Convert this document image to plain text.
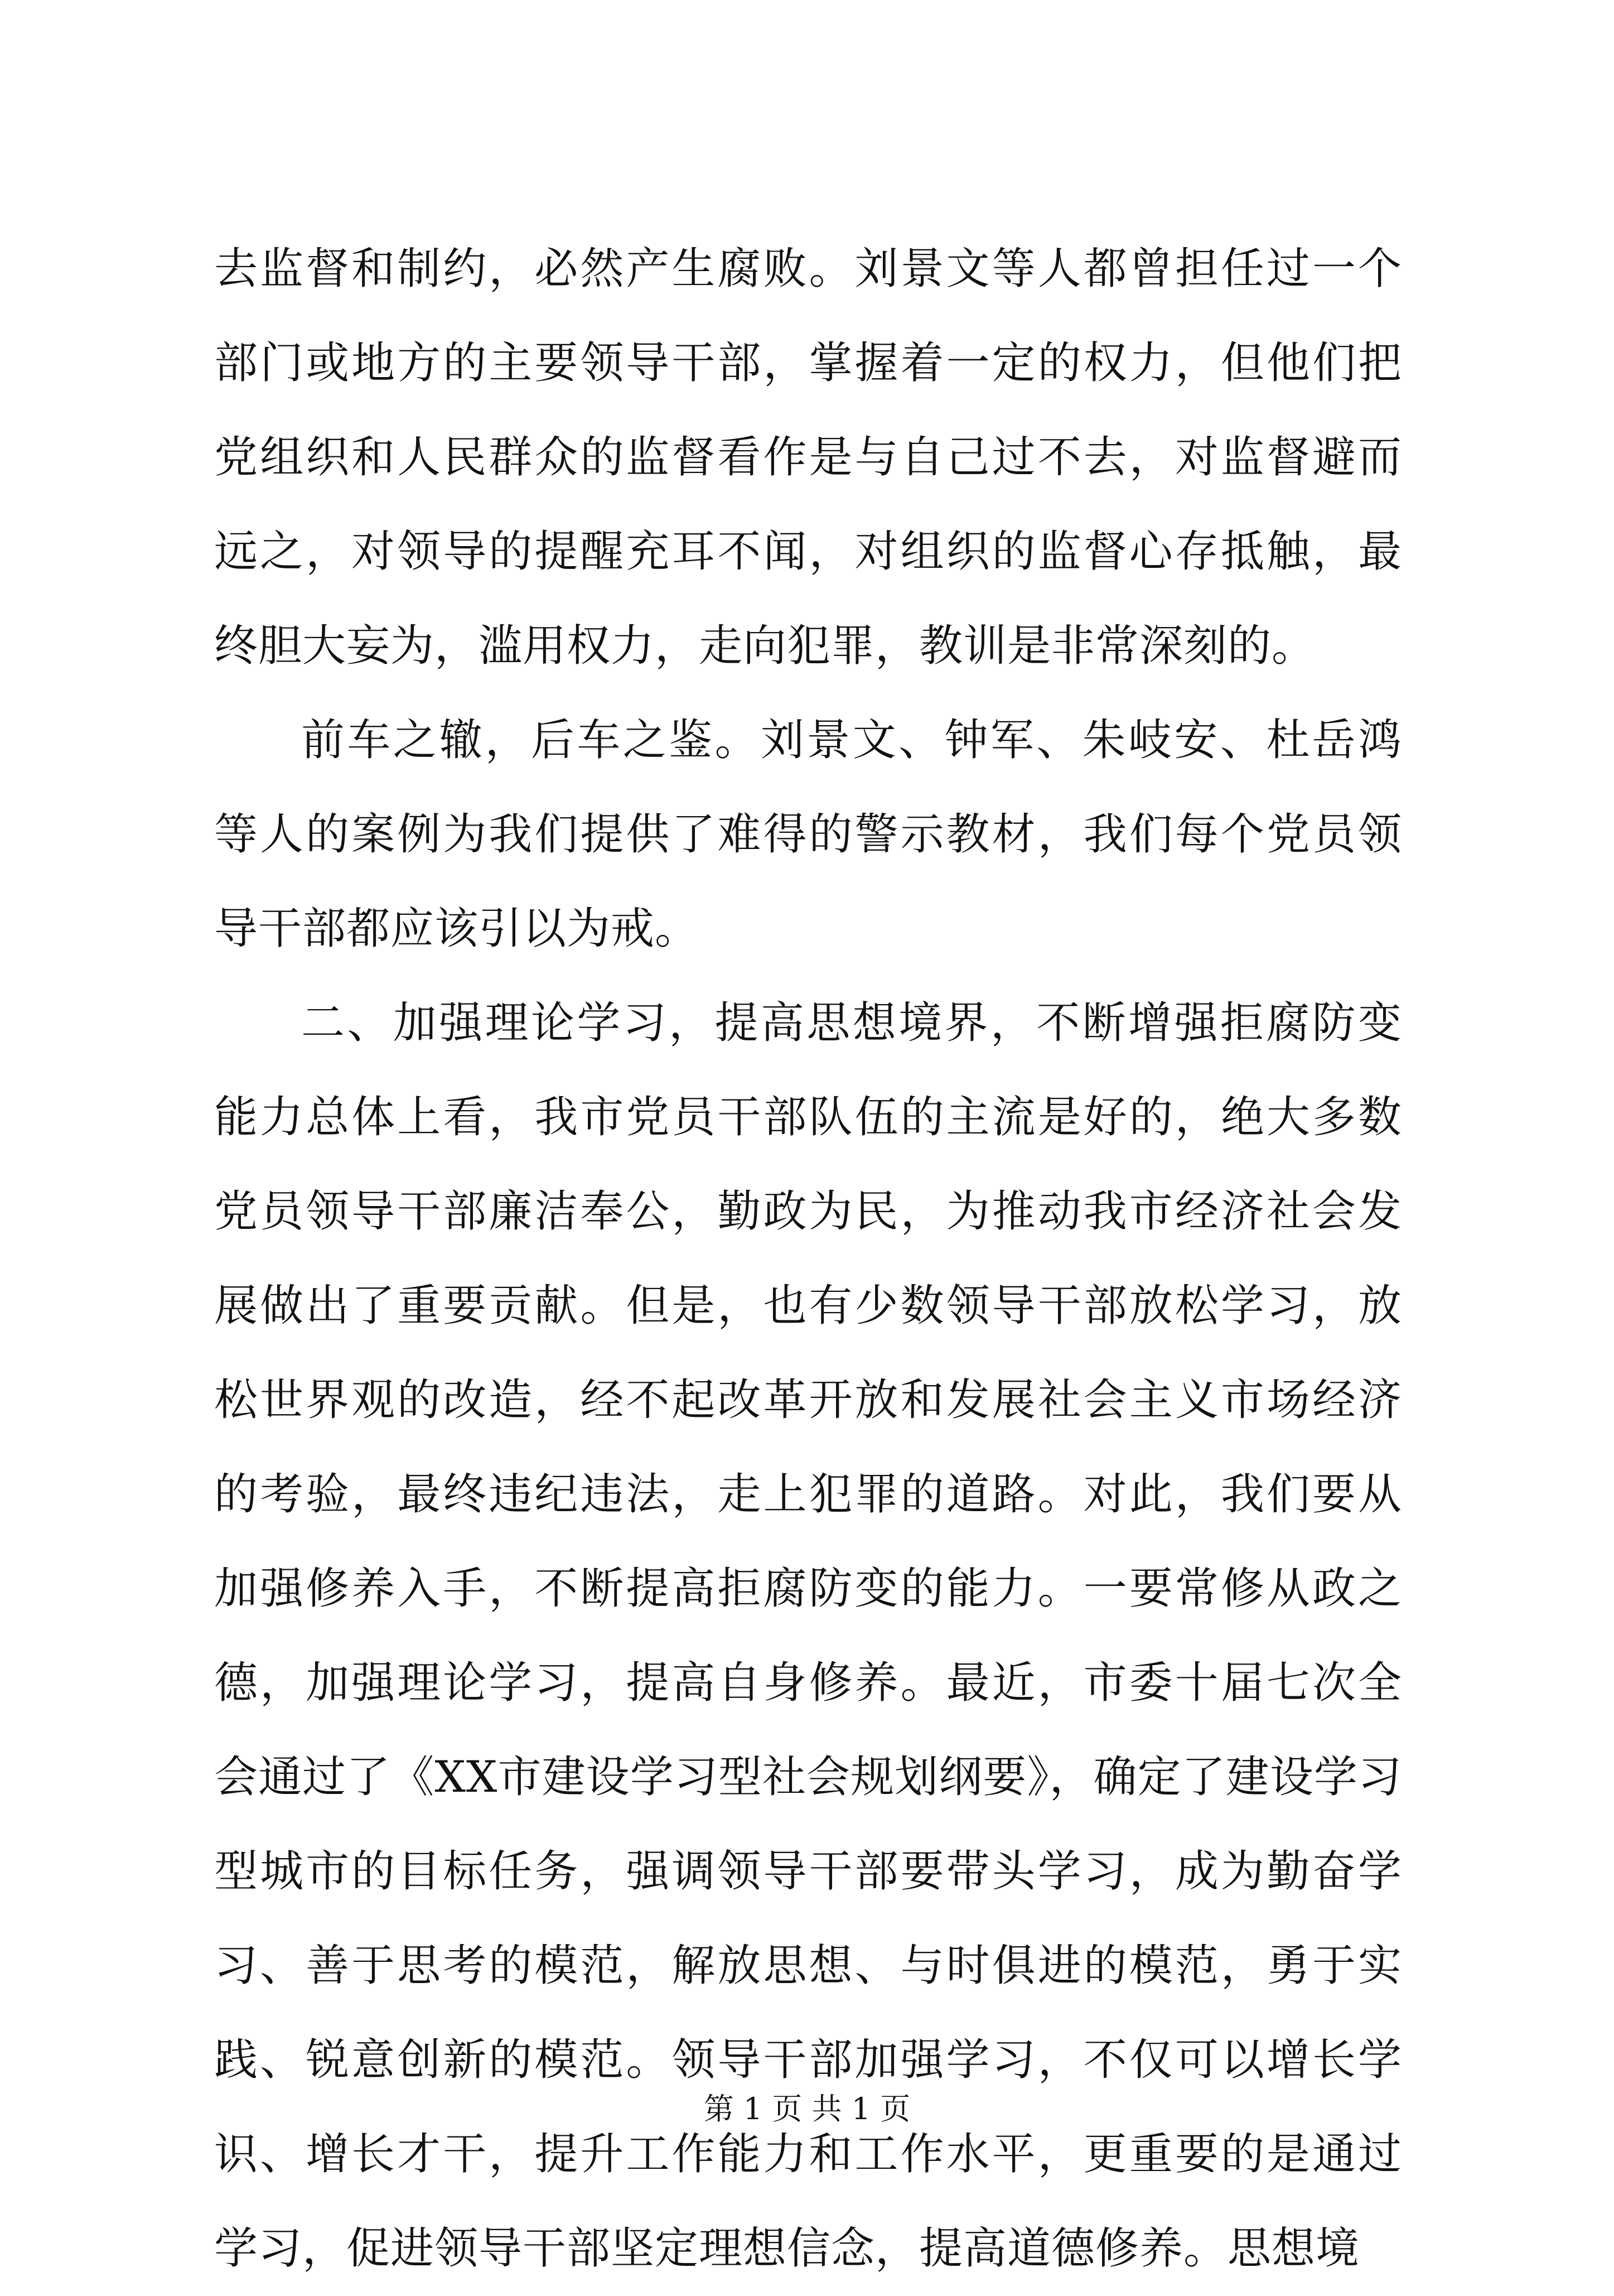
去监督和制约，必然产生腐败。刘景文等人都曾担任过一个部门或地方的主要领导干部，掌握着一定的权力，但他们把党组织和人民群众的监督看作是与自己过不去，对监督避而远之，对领导的提醒充耳不闻，对组织的监督心存抵触，最终胆大妄为，滥用权力，走向犯罪，教训是非常深刻的。

前车之辙，后车之鉴。刘景文、钟军、朱岐安、杜岳鸿等人的案例为我们提供了难得的警示教材，我们每个党员领导干部都应该引以为戒。

二、加强理论学习，提高思想境界，不断增强拒腐防变能力总体上看，我市党员干部队伍的主流是好的，绝大多数党员领导干部廉洁奉公，勤政为民，为推动我市经济社会发展做出了重要贡献。但是，也有少数领导干部放松学习，放松世界观的改造，经不起改革开放和发展社会主义市场经济的考验，最终违纪违法，走上犯罪的道路。对此，我们要从加强修养入手，不断提高拒腐防变的能力。一要常修从政之德，加强理论学习，提高自身修养。最近，市委十届七次全会通过了《XX市建设学习型社会规划纲要》，确定了建设学习型城市的目标任务，强调领导干部要带头学习，成为勤奋学习、善于思考的模范，解放思想、与时俱进的模范，勇于实践、锐意创新的模范。领导干部加强学习，不仅可以增长学识、增长才干，提升工作能力和工作水平，更重要的是通过学习，促进领导干部坚定理想信念，提高道德修养。思想境

第 1 页 共 1 页
